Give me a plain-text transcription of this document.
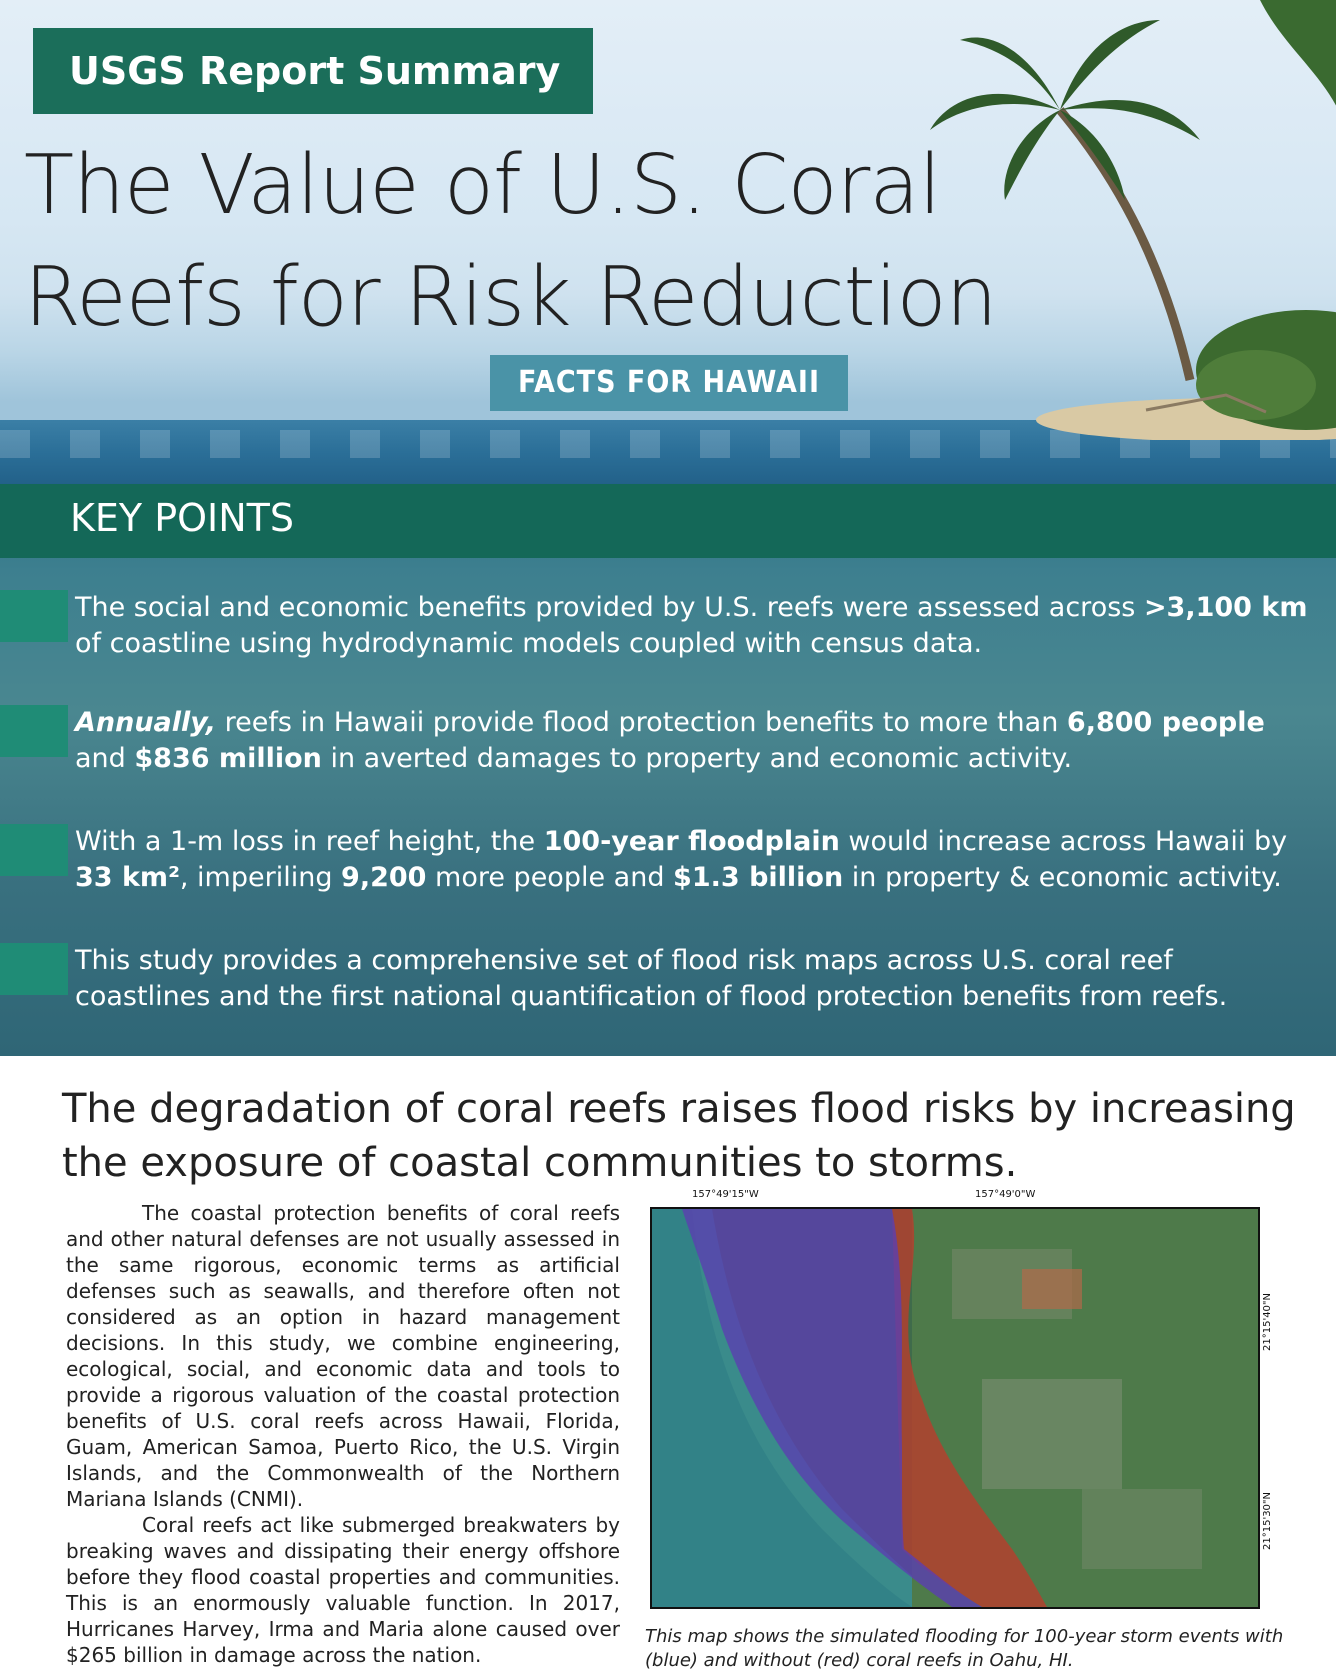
USGS Report Summary
The Value of U.S. Coral
Reefs for Risk Reduction
FACTS FOR HAWAII
KEY POINTS
The social and economic benefits provided by U.S. reefs were assessed across >3,100 km of coastline using hydrodynamic models coupled with census data.
Annually, reefs in Hawaii provide flood protection benefits to more than 6,800 people and $836 million in averted damages to property and economic activity.
With a 1-m loss in reef height, the 100-year floodplain would increase across Hawaii by 33 km², imperiling 9,200 more people and $1.3 billion in property & economic activity.
This study provides a comprehensive set of flood risk maps across U.S. coral reef coastlines and the first national quantification of flood protection benefits from reefs.
The degradation of coral reefs raises flood risks by increasing the exposure of coastal communities to storms.

The coastal protection benefits of coral reefs and other natural defenses are not usually assessed in the same rigorous, economic terms as artificial defenses such as seawalls, and therefore often not considered as an option in hazard management decisions. In this study, we combine engineering, ecological, social, and economic data and tools to provide a rigorous valuation of the coastal protection benefits of U.S. coral reefs across Hawaii, Florida, Guam, American Samoa, Puerto Rico, the U.S. Virgin Islands, and the Commonwealth of the Northern Mariana Islands (CNMI).

Coral reefs act like submerged breakwaters by breaking waves and dissipating their energy offshore before they flood coastal properties and communities. This is an enormously valuable function. In 2017, Hurricanes Harvey, Irma and Maria alone caused over $265 billion in damage across the nation.

157°49'15"W	157°49'0"W
21°15'40"N
21°15'30"N
This map shows the simulated flooding for 100-year storm events with (blue) and without (red) coral reefs in Oahu, HI.
